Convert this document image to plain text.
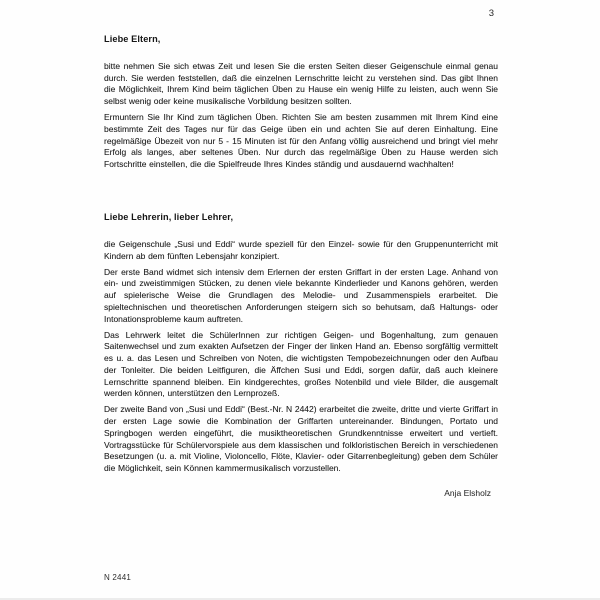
3
Liebe Eltern,

bitte nehmen Sie sich etwas Zeit und lesen Sie die ersten Seiten dieser Geigenschule einmal genau durch. Sie werden feststellen, daß die einzelnen Lernschritte leicht zu verstehen sind. Das gibt Ihnen die Möglichkeit, Ihrem Kind beim täglichen Üben zu Hause ein wenig Hilfe zu leisten, auch wenn Sie selbst wenig oder keine musikalische Vorbildung besitzen sollten.

Ermuntern Sie Ihr Kind zum täglichen Üben. Richten Sie am besten zusammen mit Ihrem Kind eine bestimmte Zeit des Tages nur für das Geige üben ein und achten Sie auf deren Einhaltung. Eine regelmäßige Übezeit von nur 5 - 15 Minuten ist für den Anfang völlig ausreichend und bringt viel mehr Erfolg als langes, aber seltenes Üben. Nur durch das regelmäßige Üben zu Hause werden sich Fortschritte einstellen, die die Spielfreude Ihres Kindes ständig und ausdauernd wachhalten!

Liebe Lehrerin, lieber Lehrer,

die Geigenschule „Susi und Eddi“ wurde speziell für den Einzel- sowie für den Gruppenunterricht mit Kindern ab dem fünften Lebensjahr konzipiert.

Der erste Band widmet sich intensiv dem Erlernen der ersten Griffart in der ersten Lage. Anhand von ein- und zweistimmigen Stücken, zu denen viele bekannte Kinderlieder und Kanons gehören, werden auf spielerische Weise die Grundlagen des Melodie- und Zusammenspiels erarbeitet. Die spieltechnischen und theoretischen Anforderungen steigern sich so behutsam, daß Haltungs- oder Intonationsprobleme kaum auftreten.

Das Lehrwerk leitet die SchülerInnen zur richtigen Geigen- und Bogenhaltung, zum genauen Saitenwechsel und zum exakten Aufsetzen der Finger der linken Hand an. Ebenso sorgfältig vermittelt es u. a. das Lesen und Schreiben von Noten, die wichtigsten Tempobezeichnungen oder den Aufbau der Tonleiter. Die beiden Leitfiguren, die Äffchen Susi und Eddi, sorgen dafür, daß auch kleinere Lernschritte spannend bleiben. Ein kindgerechtes, großes Notenbild und viele Bilder, die ausgemalt werden können, unterstützen den Lernprozeß.

Der zweite Band von „Susi und Eddi“ (Best.-Nr. N 2442) erarbeitet die zweite, dritte und vierte Griffart in der ersten Lage sowie die Kombination der Griffarten untereinander. Bindungen, Portato und Springbogen werden eingeführt, die musiktheoretischen Grundkenntnisse erweitert und vertieft. Vortragsstücke für Schülervorspiele aus dem klassischen und folkloristischen Bereich in verschiedenen Besetzungen (u. a. mit Violine, Violoncello, Flöte, Klavier- oder Gitarrenbegleitung) geben dem Schüler die Möglichkeit, sein Können kammermusikalisch vorzustellen.

Anja Elsholz
N 2441
